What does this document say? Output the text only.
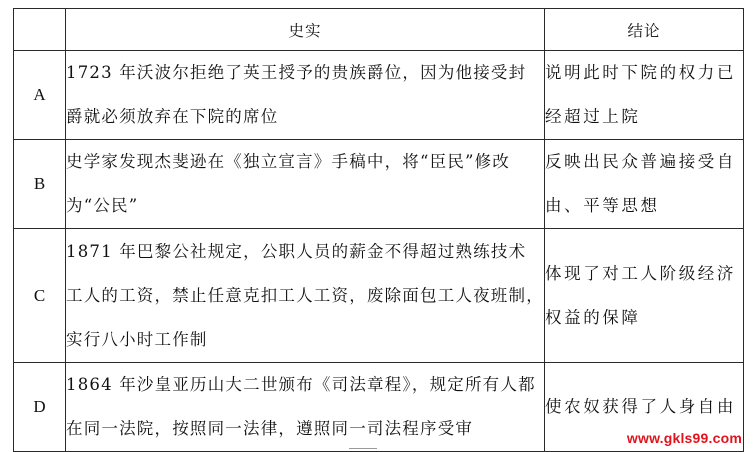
	史实	结论
A	1723 年沃波尔拒绝了英王授予的贵族爵位，因为他接受封爵就必须放弃在下院的席位	说明此时下院的权力已经超过上院

B	史学家发现杰斐逊在《独立宣言》手稿中，将“臣民”修改为“公民”	反映出民众普遍接受自由、平等思想

C	1871 年巴黎公社规定，公职人员的薪金不得超过熟练技术工人的工资，禁止任意克扣工人工资，废除面包工人夜班制，实行八小时工作制	体现了对工人阶级经济权益的保障

D	1864 年沙皇亚历山大二世颁布《司法章程》，规定所有人都在同一法院，按照同一法律，遵照同一司法程序受审	使农奴获得了人身自由
www.gkls99.com
